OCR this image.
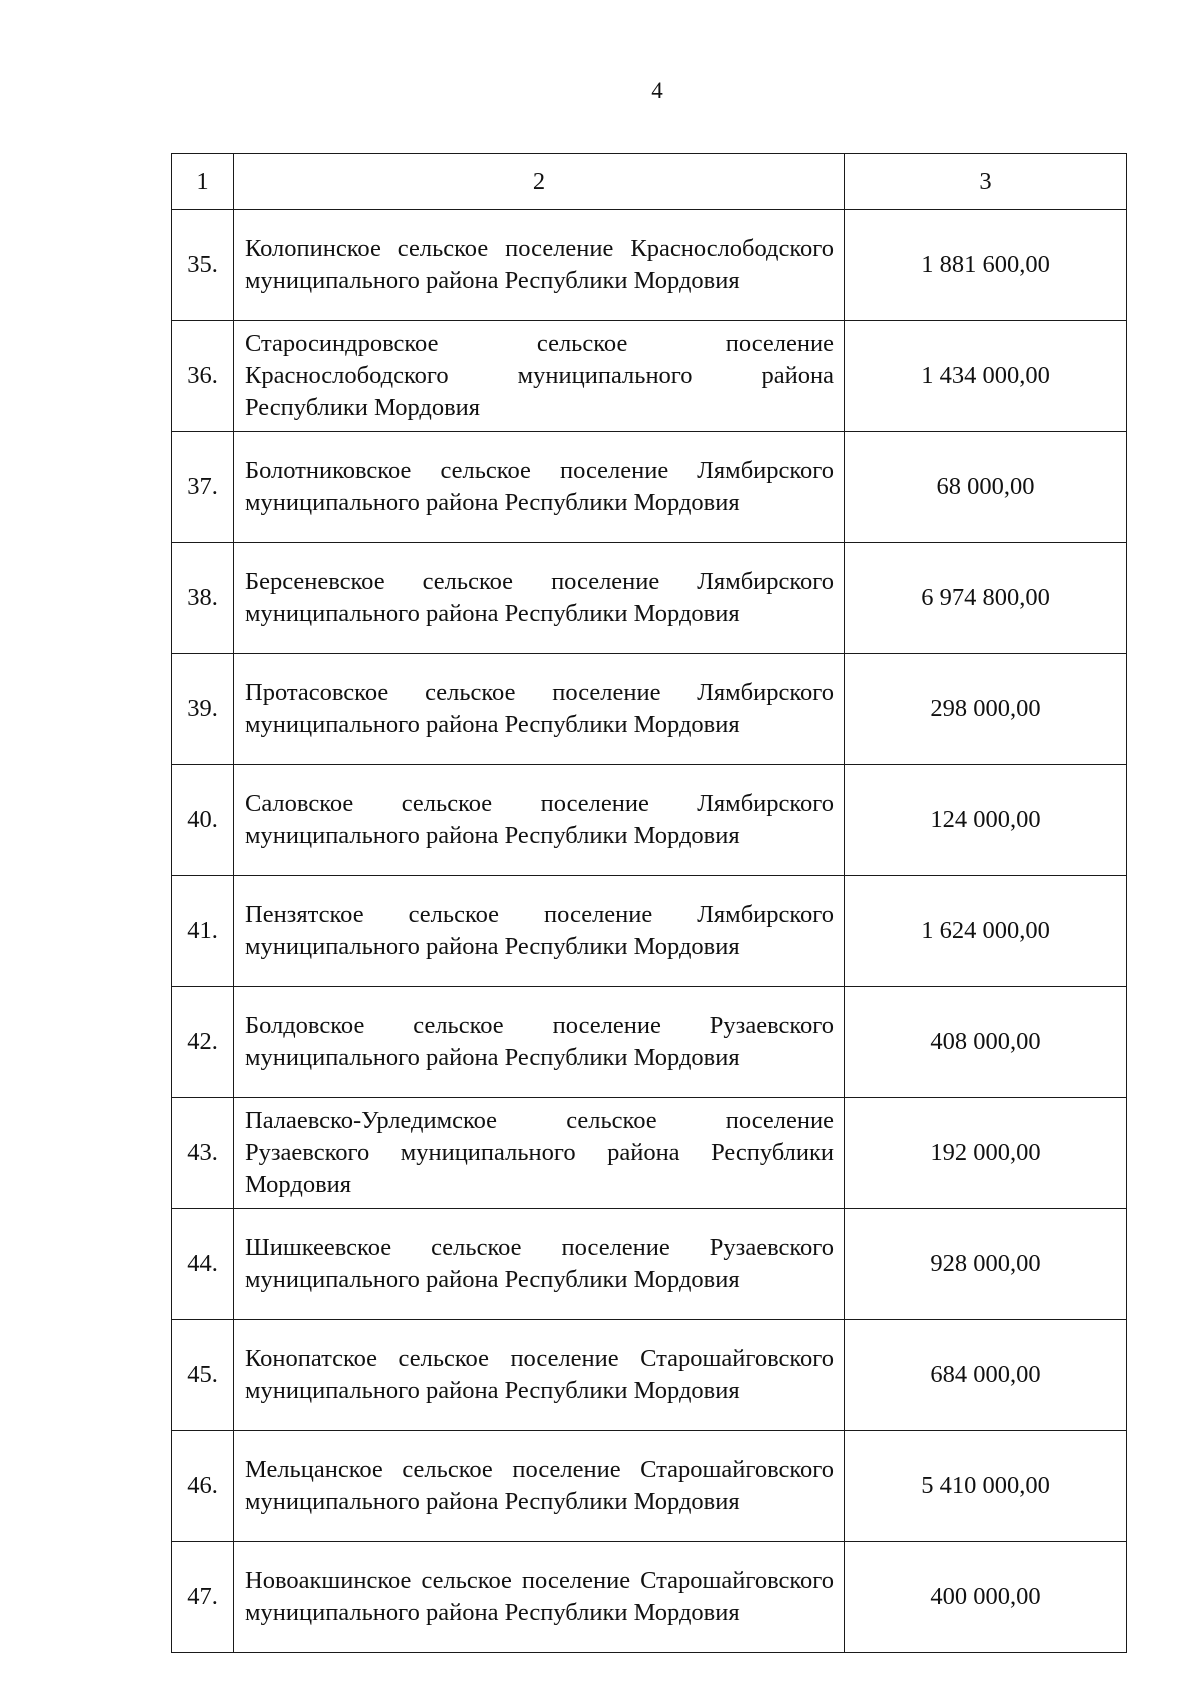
4
1	2	3
35.	Колопинское сельское поселение Краснослободского муниципального района Республики Мордовия	1 881 600,00
36.	Старосиндровское сельское поселение Краснослободского муниципального района Республики Мордовия	1 434 000,00
37.	Болотниковское сельское поселение Лямбирского муниципального района Республики Мордовия	68 000,00
38.	Берсеневское сельское поселение Лямбирского муниципального района Республики Мордовия	6 974 800,00
39.	Протасовское сельское поселение Лямбирского муниципального района Республики Мордовия	298 000,00
40.	Саловское сельское поселение Лямбирского муниципального района Республики Мордовия	124 000,00
41.	Пензятское сельское поселение Лямбирского муниципального района Республики Мордовия	1 624 000,00
42.	Болдовское сельское поселение Рузаевского муниципального района Республики Мордовия	408 000,00
43.	Палаевско-Урледимское сельское поселение Рузаевского муниципального района Республики Мордовия	192 000,00
44.	Шишкеевское сельское поселение Рузаевского муниципального района Республики Мордовия	928 000,00
45.	Конопатское сельское поселение Старошайговского муниципального района Республики Мордовия	684 000,00
46.	Мельцанское сельское поселение Старошайговского муниципального района Республики Мордовия	5 410 000,00
47.	Новоакшинское сельское поселение Старошайговского муниципального района Республики Мордовия	400 000,00
